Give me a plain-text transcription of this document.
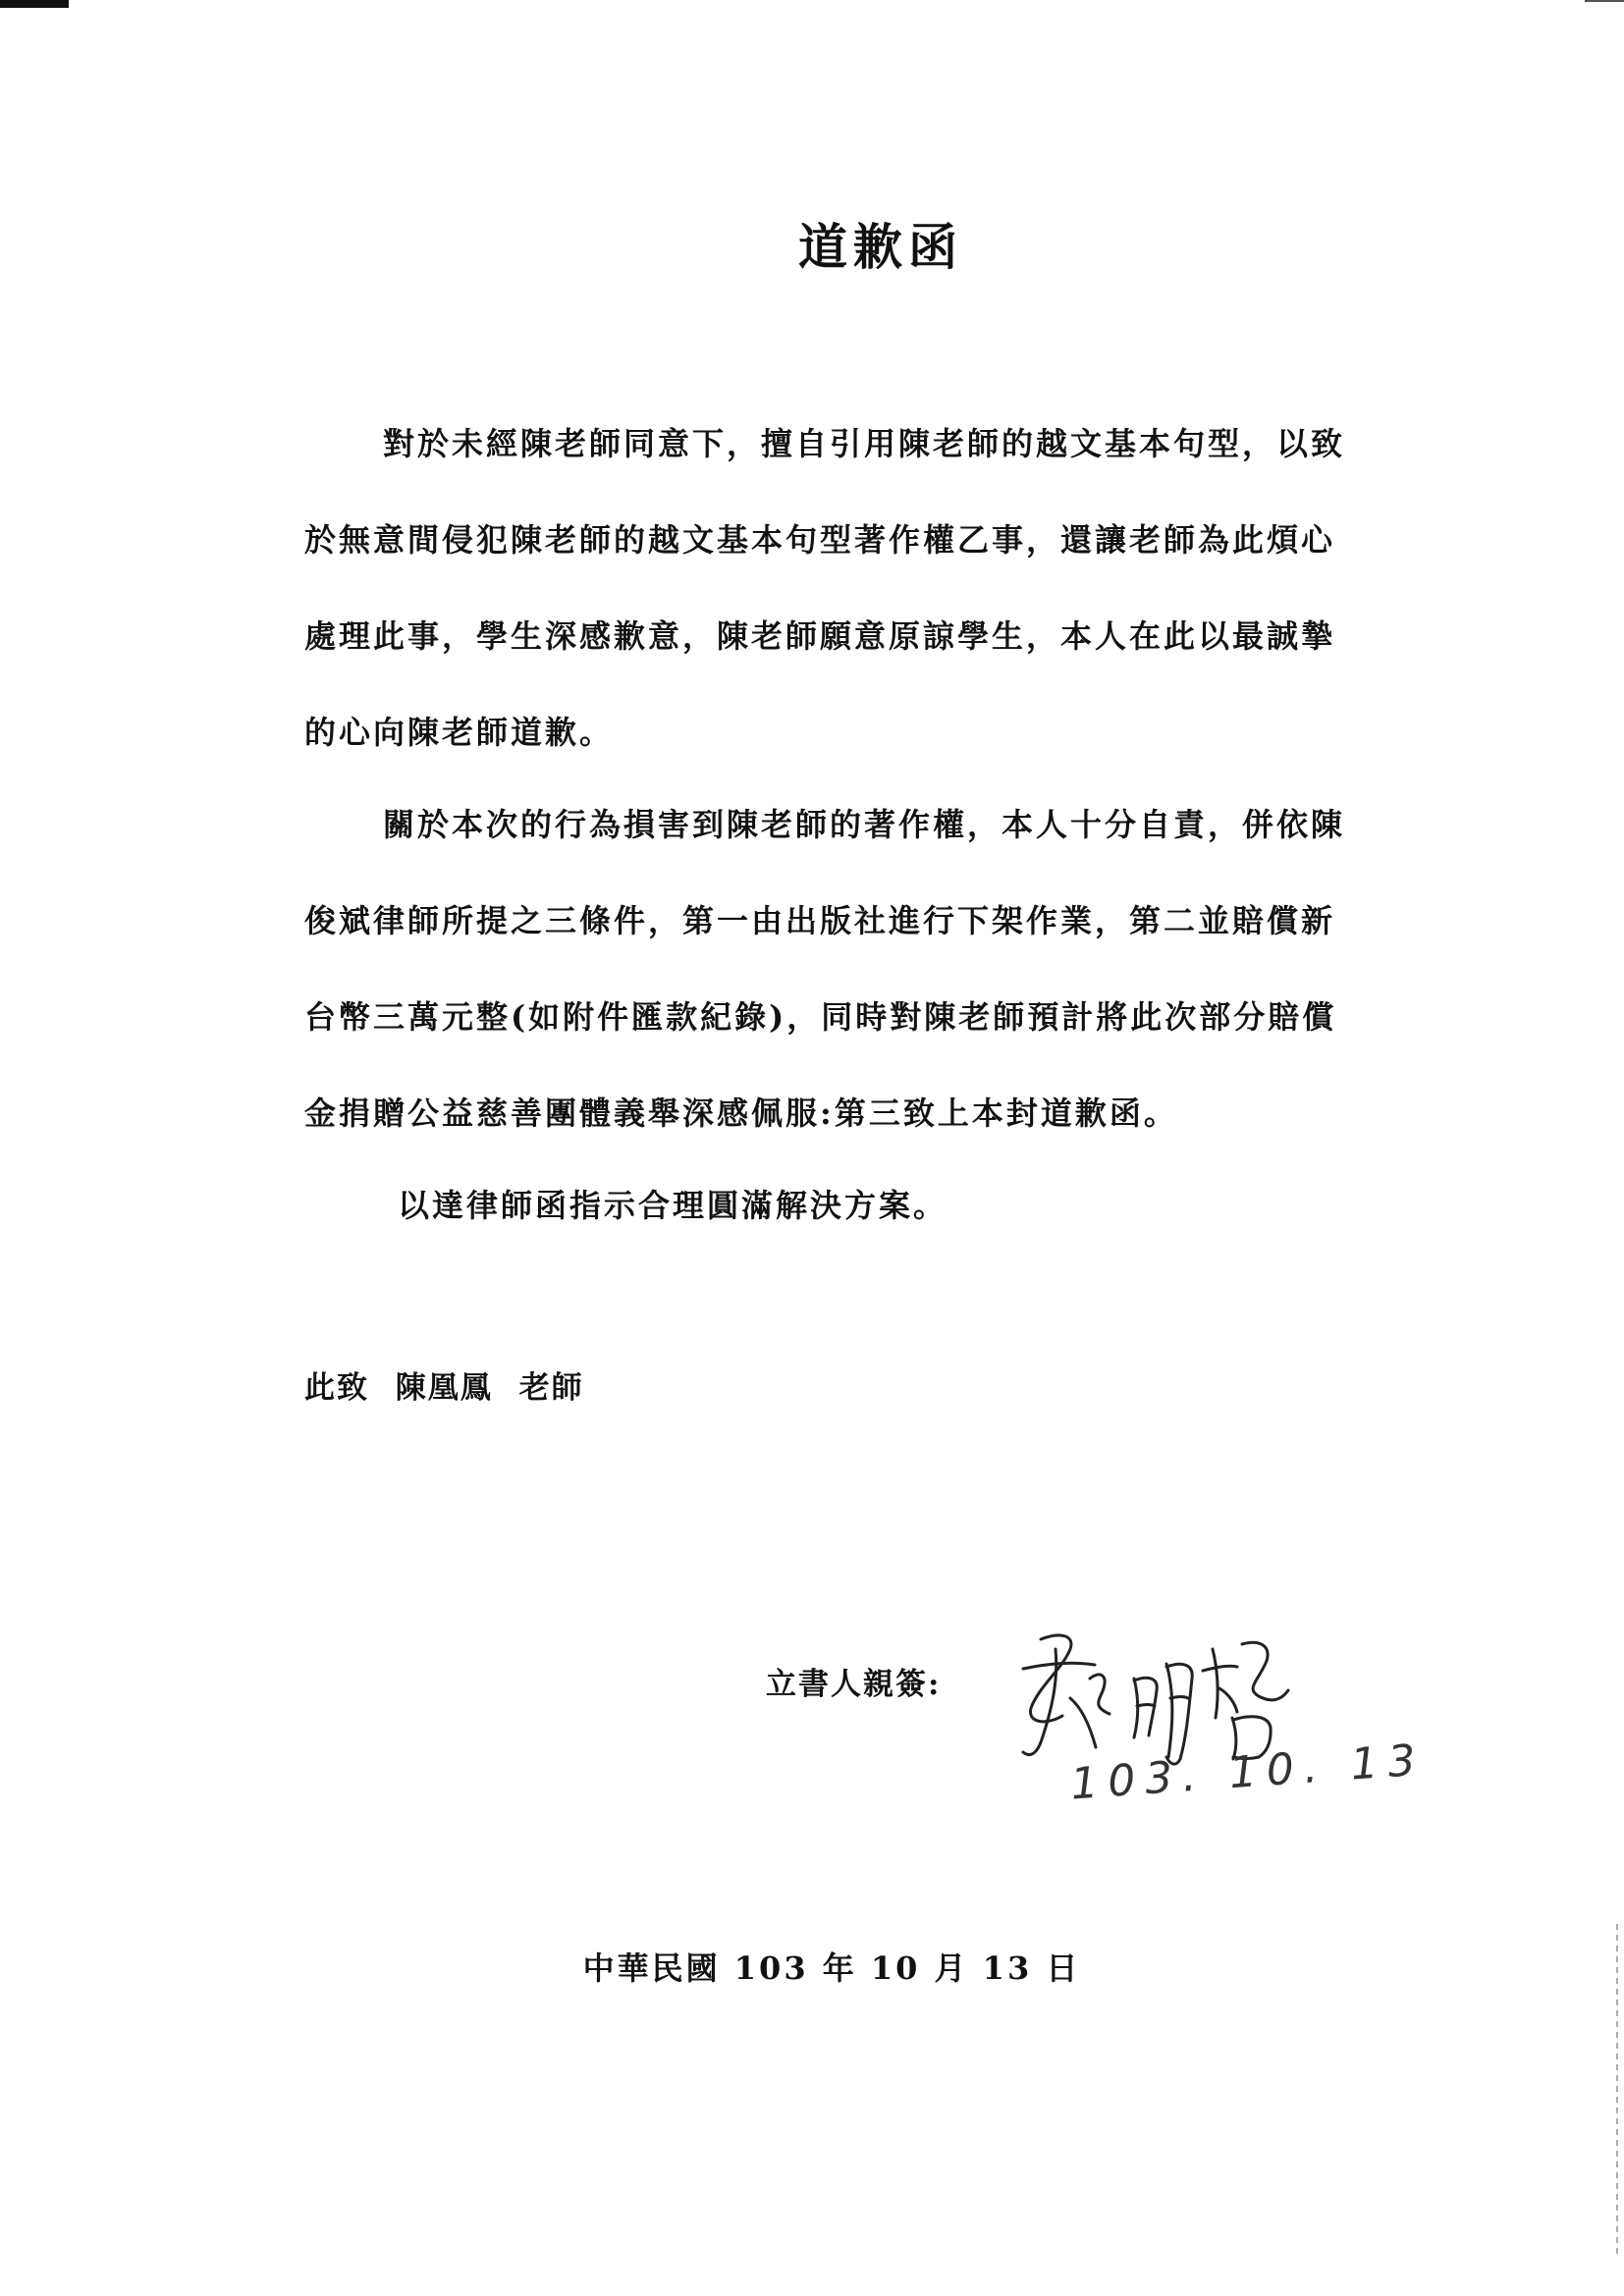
道歉函

對於未經陳老師同意下，擅自引用陳老師的越文基本句型，以致

於無意間侵犯陳老師的越文基本句型著作權乙事，還讓老師為此煩心

處理此事，學生深感歉意，陳老師願意原諒學生，本人在此以最誠摯

的心向陳老師道歉。

關於本次的行為損害到陳老師的著作權，本人十分自責，併依陳

俊斌律師所提之三條件，第一由出版社進行下架作業，第二並賠償新

台幣三萬元整(如附件匯款紀錄)，同時對陳老師預計將此次部分賠償

金捐贈公益慈善團體義舉深感佩服:第三致上本封道歉函。

以達律師函指示合理圓滿解決方案。

此致 陳凰鳳 老師
立書人親簽:
103. 10. 13
中華民國 103 年 10 月 13 日
